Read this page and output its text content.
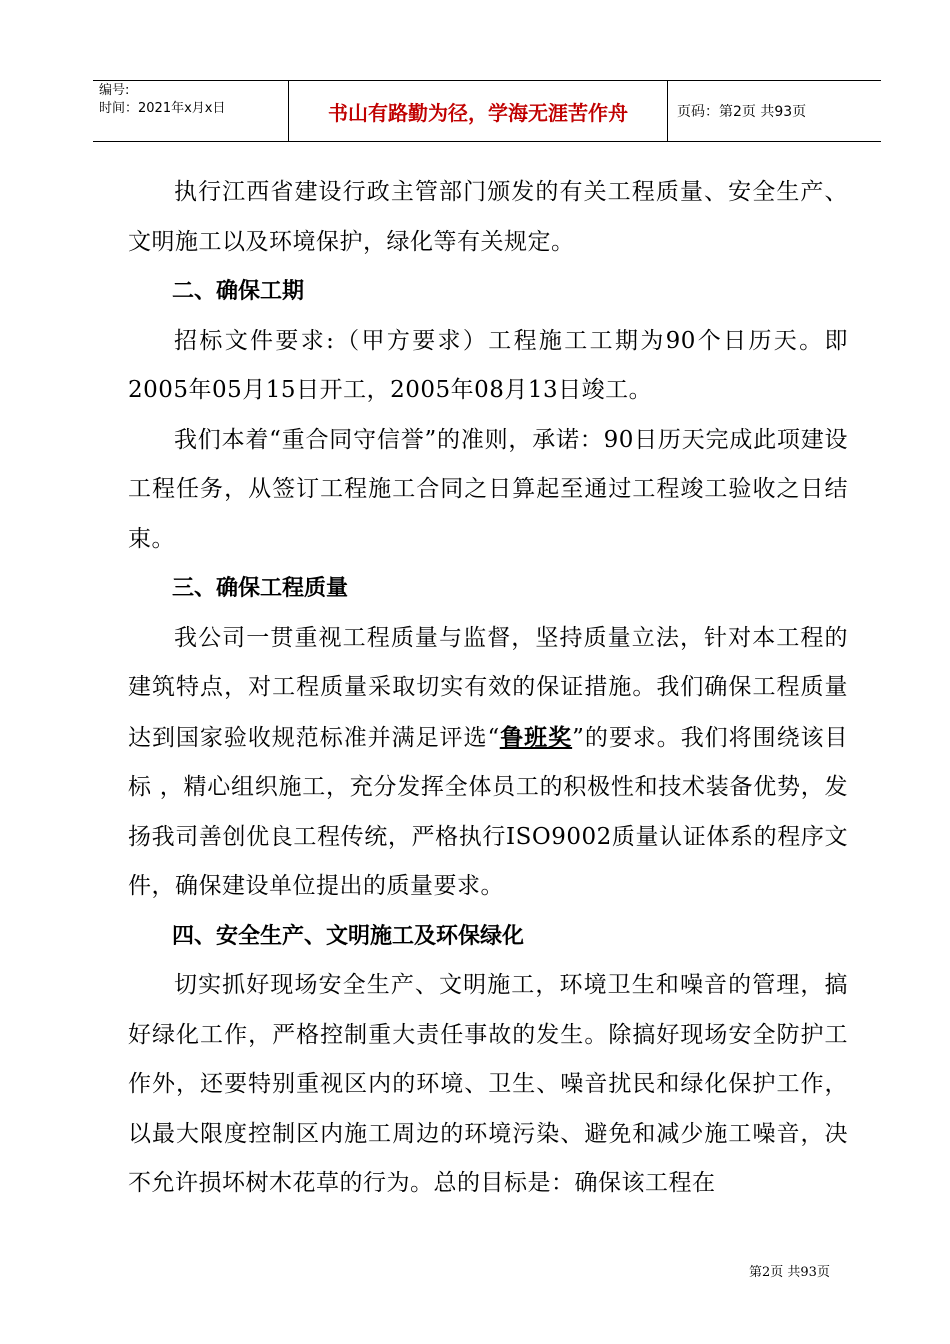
编号:
时间：2021年x月x日	书山有路勤为径，学海无涯苦作舟	页码：第2页 共93页

执行江西省建设行政主管部门颁发的有关工程质量、安全生产、文明施工以及环境保护，绿化等有关规定。

二、确保工期

招标文件要求:（甲方要求）工程施工工期为90个日历天。即2005年05月15日开工，2005年08月13日竣工。

我们本着“重合同守信誉”的准则，承诺：90日历天完成此项建设工程任务，从签订工程施工合同之日算起至通过工程竣工验收之日结束。

三、确保工程质量

我公司一贯重视工程质量与监督，坚持质量立法，针对本工程的建筑特点，对工程质量采取切实有效的保证措施。我们确保工程质量达到国家验收规范标准并满足评选“鲁班奖”的要求。我们将围绕该目标 ，精心组织施工，充分发挥全体员工的积极性和技术装备优势，发扬我司善创优良工程传统，严格执行ISO9002质量认证体系的程序文件，确保建设单位提出的质量要求。

四、安全生产、文明施工及环保绿化

切实抓好现场安全生产、文明施工，环境卫生和噪音的管理，搞好绿化工作，严格控制重大责任事故的发生。除搞好现场安全防护工作外，还要特别重视区内的环境、卫生、噪音扰民和绿化保护工作，以最大限度控制区内施工周边的环境污染、避免和减少施工噪音，决不允许损坏树木花草的行为。总的目标是：确保该工程在

第2页 共93页
